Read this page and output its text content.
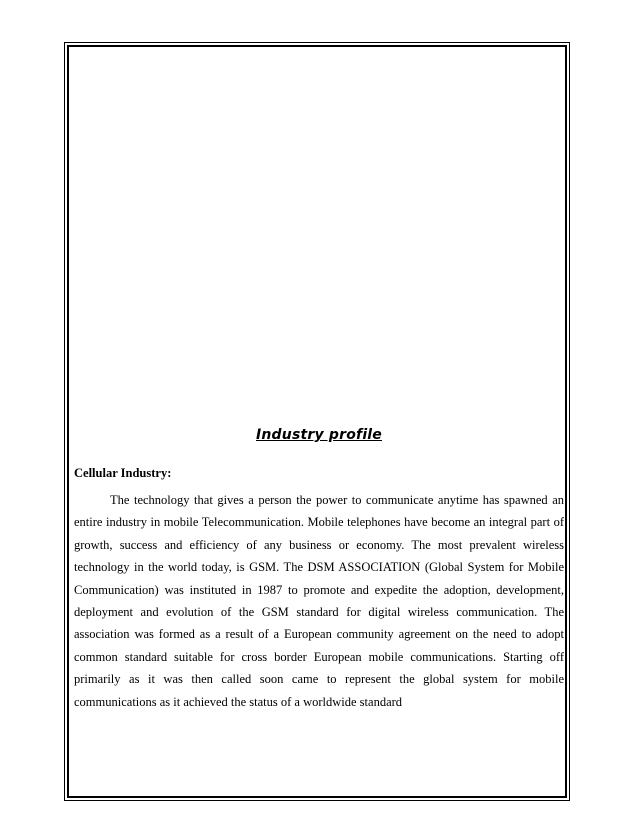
Industry profile
Cellular Industry:
The technology that gives a person the power to communicate anytime has spawned an
entire industry in mobile Telecommunication. Mobile telephones have become an integral part of
growth, success and efficiency of any business or economy. The most prevalent wireless
technology in the world today, is GSM. The DSM ASSOCIATION (Global System for Mobile
Communication) was instituted in 1987 to promote and expedite the adoption, development,
deployment and evolution of the GSM standard for digital wireless communication. The
association was formed as a result of a European community agreement on the need to adopt
common standard suitable for cross border European mobile communications. Starting off
primarily as it was then called soon came to represent the global system for mobile
communications as it achieved the status of a worldwide standard
